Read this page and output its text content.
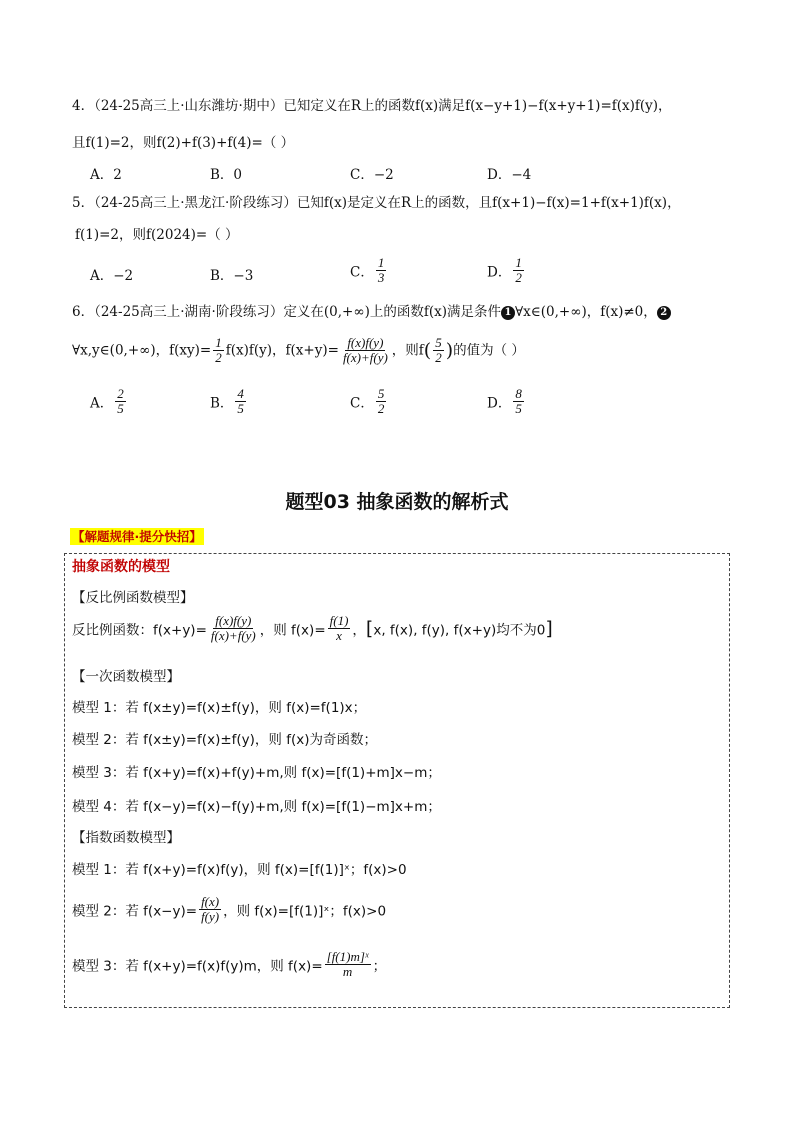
4．（24-25高三上·山东潍坊·期中）已知定义在R上的函数f(x)满足f(x−y+1)−f(x+y+1)=f(x)f(y)，
且f(1)=2，则f(2)+f(3)+f(4)=（ ）
A．2	B．0	C．−2	D．−4
5．（24-25高三上·黑龙江·阶段练习）已知f(x)是定义在R上的函数，且f(x+1)−f(x)=1+f(x+1)f(x)，
f(1)=2，则f(2024)=（ ）
A．−2	B．−3	C． $\frac{1}{3}$	D． $\frac{1}{2}$
6．（24-25高三上·湖南·阶段练习）定义在(0,+∞)上的函数f(x)满足条件 1 ∀x∈(0,+∞)，f(x)≠0， 2
∀x,y∈(0,+∞)，$f(xy)= \frac{1}{2} f(x)f(y)$，$f(x+y)= \frac{f(x)f(y)}{f(x)+f(y)}$ ，则$f( \frac{5}{2}$ )的值为（ ）
A． $\frac{2}{5}$	B． $\frac{4}{5}$	C． $\frac{5}{2}$	D． $\frac{8}{5}$
题型03 抽象函数的解析式
【解题规律·提分快招】
抽象函数的模型
【反比例函数模型】
反比例函数：$f(x+y)= \frac{f(x)f(y)}{f(x)+f(y)}$ ，则 $f(x)= \frac{f(1)}{x}$ ，[x, f(x), f(y), f(x+y)均不为0]
【一次函数模型】
模型 1：若 f(x±y)=f(x)±f(y)，则 f(x)=f(1)x；
模型 2：若 f(x±y)=f(x)±f(y)，则 f(x)为奇函数；
模型 3：若 f(x+y)=f(x)+f(y)+m,则 f(x)=[f(1)+m]x−m；
模型 4：若 f(x−y)=f(x)−f(y)+m,则 f(x)=[f(1)−m]x+m；
【指数函数模型】
模型 1：若 f(x+y)=f(x)f(y)，则 f(x)=[f(1)]ˣ；f(x)>0
模型 2：若 $f(x-y)= \frac{f(x)}{f(y)}$ ，则 f(x)=[f(1)]ˣ；f(x)>0
模型 3：若 f(x+y)=f(x)f(y)m，则 $f(x)= \frac{\text{[f(1)m]ˣ}}{m}$ ；
